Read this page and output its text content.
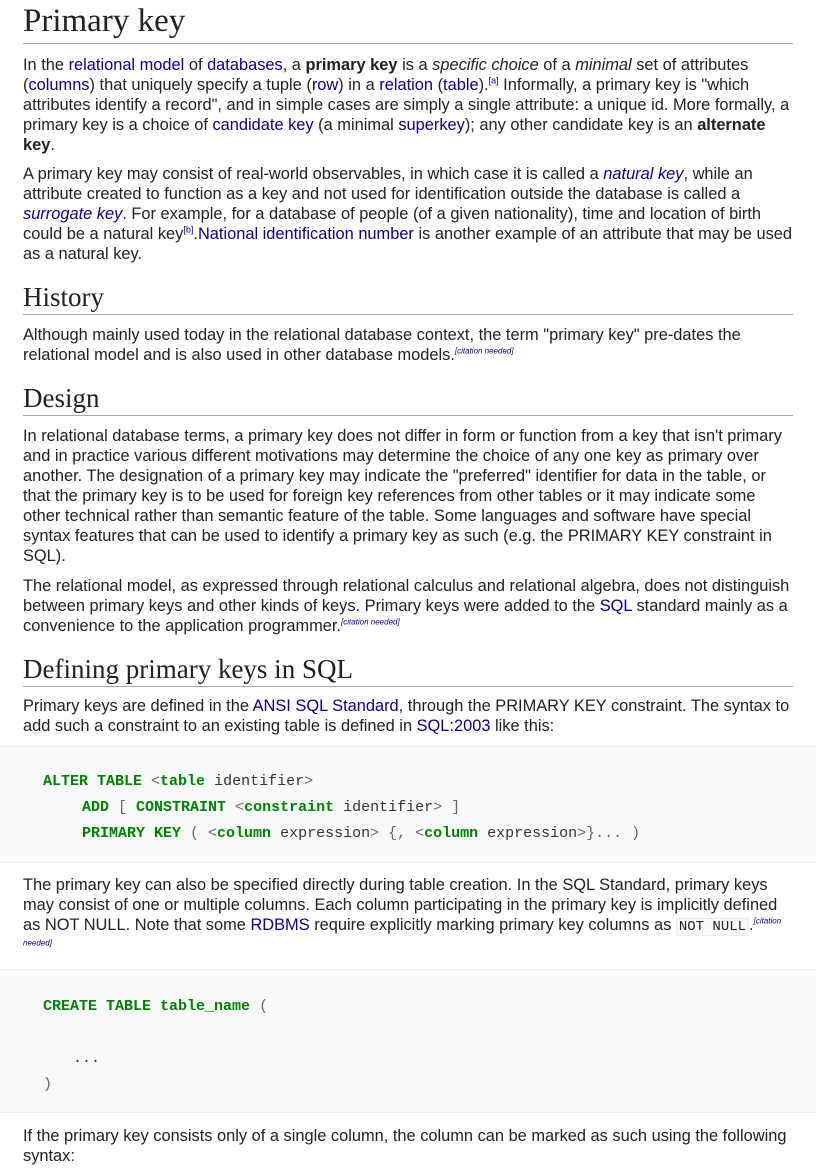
Primary key

In the relational model of databases, a primary key is a specific choice of a minimal set of attributes (columns) that uniquely specify a tuple (row) in a relation (table).[a] Informally, a primary key is "which attributes identify a record", and in simple cases are simply a single attribute: a unique id. More formally, a primary key is a choice of candidate key (a minimal superkey); any other candidate key is an alternate key.

A primary key may consist of real-world observables, in which case it is called a natural key, while an attribute created to function as a key and not used for identification outside the database is called a surrogate key. For example, for a database of people (of a given nationality), time and location of birth could be a natural key[b].National identification number is another example of an attribute that may be used as a natural key.

History

Although mainly used today in the relational database context, the term "primary key" pre-dates the relational model and is also used in other database models.[citation needed]

Design

In relational database terms, a primary key does not differ in form or function from a key that isn't primary and in practice various different motivations may determine the choice of any one key as primary over another. The designation of a primary key may indicate the "preferred" identifier for data in the table, or that the primary key is to be used for foreign key references from other tables or it may indicate some other technical rather than semantic feature of the table. Some languages and software have special syntax features that can be used to identify a primary key as such (e.g. the PRIMARY KEY constraint in SQL).

The relational model, as expressed through relational calculus and relational algebra, does not distinguish between primary keys and other kinds of keys. Primary keys were added to the SQL standard mainly as a convenience to the application programmer.[citation needed]

Defining primary keys in SQL

Primary keys are defined in the ANSI SQL Standard, through the PRIMARY KEY constraint. The syntax to add such a constraint to an existing table is defined in SQL:2003 like this:

ALTER TABLE <table identifier>
ADD [ CONSTRAINT <constraint identifier> ]
PRIMARY KEY ( <column expression> {, <column expression>}... )

The primary key can also be specified directly during table creation. In the SQL Standard, primary keys may consist of one or multiple columns. Each column participating in the primary key is implicitly defined as NOT NULL. Note that some RDBMS require explicitly marking primary key columns as NOT NULL .[citation needed]

CREATE TABLE table_name (

...
)

If the primary key consists only of a single column, the column can be marked as such using the following syntax:
